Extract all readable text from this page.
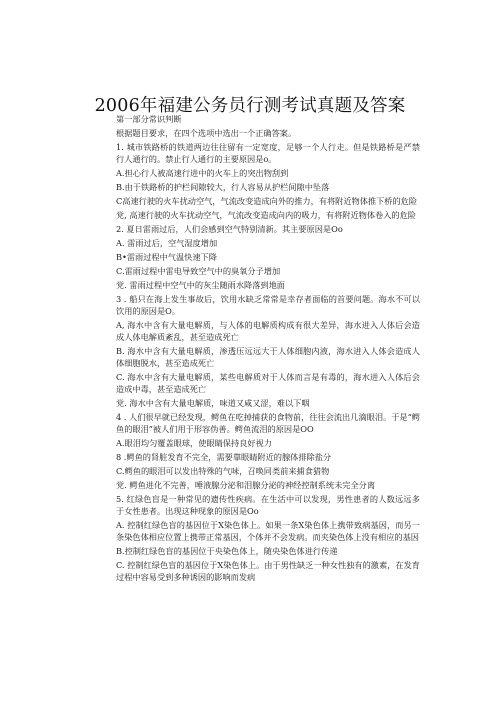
2006年福建公务员行测考试真题及答案

第一部分常识判断

根据题目要求，在四个选项中选出一个正确答案。

1. 城市铁路桥的铁道两边往往留有一定宽度，足够一个人行走。但是铁路桥是严禁行人通行的。禁止行人通行的主要原因是o。

A.担心行人被高速行进中的火车上的突出物刮到

B.由于铁路桥的护栏间隙较大，行人容易从护栏间隙中坠落

C高速行驶的火车扰动空气，气流改变造成向外的推力，有将附近物体推下桥的危险

党, 高速行驶的火车扰动空气，气流改变造成向内的吸力，有将附近物体卷入的危险

2. 夏日雷雨过后，人们会感到空气特别清新。其主要原因是Oo

A. 雷雨过后，空气湿度增加

B•雷雨过程中气温快速下降

C.雷雨过程中雷电导致空气中的臭氧分子增加

党. 雷雨过程中空气中的灰尘随雨水降落到地面

3 . 船只在海上发生事故后，饮用水缺乏常常是幸存者面临的首要问题。海水不可以饮用的原因是O。

A, 海水中含有大量电解质，与人体的电解质构成有很大差异，海水进入人体后会造成人体电解质紊乱，甚至造成死亡

B. 海水中含有大量电解质，渗透压远远大于人体细胞内液，海水进入人体会造成人体细胞脱水，甚至造成死亡

C. 海水中含有大量电解质，某些电解质对于人体而言是有毒的，海水进入人体后会造成中毒，甚至造成死亡

党. 海水中含有大量电解质，味道又咸又涩，难以下咽

4 . 人们很早就已经发现，鳄鱼在吃掉捕获的食物前，往往会流出几滴眼泪。于是“鳄鱼的眼泪”被人们用于形容伪善。鳄鱼流泪的原因是OO

A.眼泪均匀覆盖眼球，使眼睛保持良好视力

8 .鳄鱼的肾脏发育不完全，需要靠眼睛附近的腺体排除盐分

C.鳄鱼的眼泪可以发出特殊的气味，召唤同类前来捕食猎物

党. 鳄鱼进化不完善，唾液腺分泌和泪腺分泌的神经控制系统未完全分离

5. 红绿色盲是一种常见的遗传性疾病。在生活中可以发现，男性患者的人数远远多于女性患者。出现这种现象的原因是Oo

A. 控制红绿色盲的基因位于X染色体上。如果一条X染色体上携带致病基因，而另一条染色体相应位置上携带正常基因，个体并不会发病。而夹染色体上没有相应的基因

B.控制红绿色盲的基因位于央染色体上，随央染色体进行传递

C. 控制红绿色盲的基因位于X染色体上。由于男性缺乏一种女性独有的激素，在发育过程中容易受到多种诱因的影响而发病
